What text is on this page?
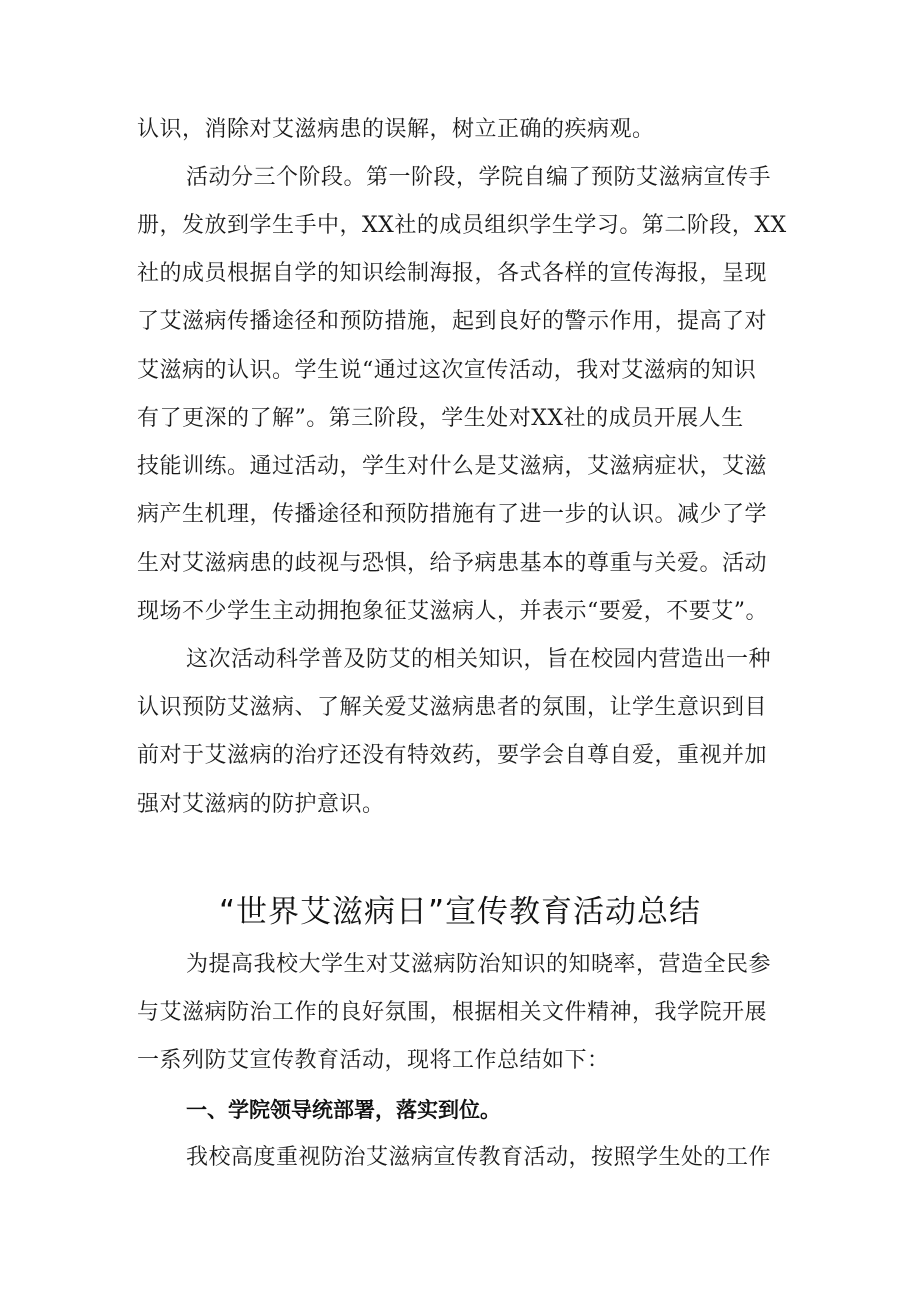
认识，消除对艾滋病患的误解，树立正确的疾病观。
活动分三个阶段。第一阶段，学院自编了预防艾滋病宣传手
册，发放到学生手中，XX社的成员组织学生学习。第二阶段，XX
社的成员根据自学的知识绘制海报，各式各样的宣传海报，呈现
了艾滋病传播途径和预防措施，起到良好的警示作用，提高了对
艾滋病的认识。学生说“通过这次宣传活动，我对艾滋病的知识
有了更深的了解”。第三阶段，学生处对XX社的成员开展人生
技能训练。通过活动，学生对什么是艾滋病，艾滋病症状，艾滋
病产生机理，传播途径和预防措施有了进一步的认识。减少了学
生对艾滋病患的歧视与恐惧，给予病患基本的尊重与关爱。活动
现场不少学生主动拥抱象征艾滋病人，并表示“要爱，不要艾”。
这次活动科学普及防艾的相关知识，旨在校园内营造出一种
认识预防艾滋病、了解关爱艾滋病患者的氛围，让学生意识到目
前对于艾滋病的治疗还没有特效药，要学会自尊自爱，重视并加
强对艾滋病的防护意识。
“世界艾滋病日”宣传教育活动总结
为提高我校大学生对艾滋病防治知识的知晓率，营造全民参
与艾滋病防治工作的良好氛围，根据相关文件精神，我学院开展
一系列防艾宣传教育活动，现将工作总结如下：
一、学院领导统部署，落实到位。
我校高度重视防治艾滋病宣传教育活动，按照学生处的工作
